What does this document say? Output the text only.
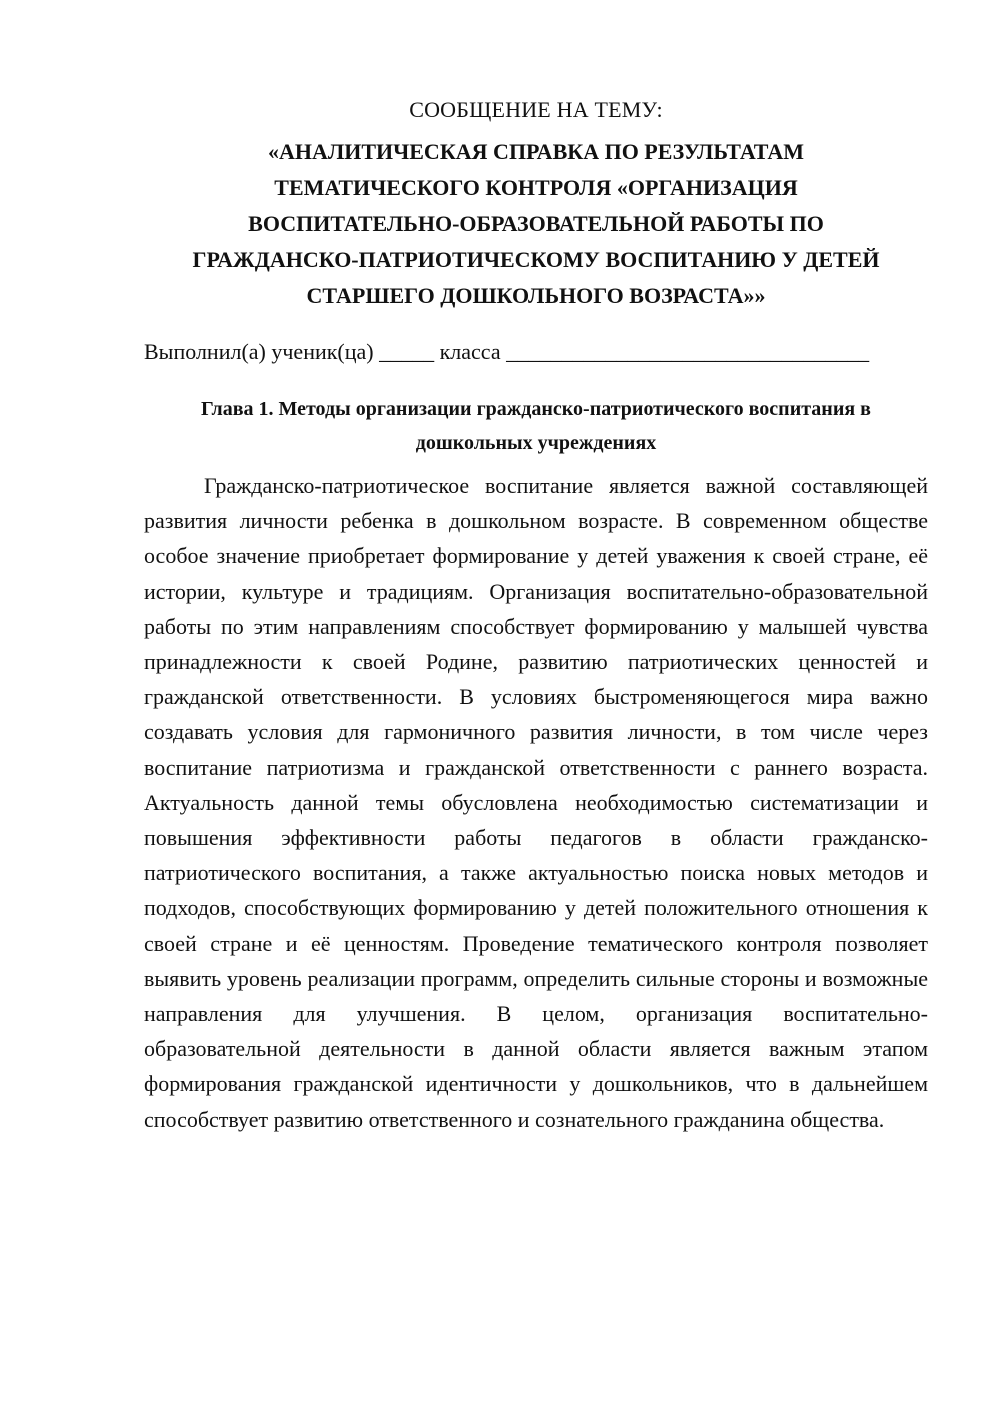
СООБЩЕНИЕ НА ТЕМУ:

«АНАЛИТИЧЕСКАЯ СПРАВКА ПО РЕЗУЛЬТАТАМ
ТЕМАТИЧЕСКОГО КОНТРОЛЯ «ОРГАНИЗАЦИЯ
ВОСПИТАТЕЛЬНО-ОБРАЗОВАТЕЛЬНОЙ РАБОТЫ ПО
ГРАЖДАНСКО-ПАТРИОТИЧЕСКОМУ ВОСПИТАНИЮ У ДЕТЕЙ
СТАРШЕГО ДОШКОЛЬНОГО ВОЗРАСТА»»

Выполнил(а) ученик(ца) _____ класса _________________________________

Глава 1. Методы организации гражданско-патриотического воспитания в
дошкольных учреждениях

Гражданско-патриотическое воспитание является важной составляющей развития личности ребенка в дошкольном возрасте. В современном обществе особое значение приобретает формирование у детей уважения к своей стране, её истории, культуре и традициям. Организация воспитательно-образовательной работы по этим направлениям способствует формированию у малышей чувства принадлежности к своей Родине, развитию патриотических ценностей и гражданской ответственности. В условиях быстроменяющегося мира важно создавать условия для гармоничного развития личности, в том числе через воспитание патриотизма и гражданской ответственности с раннего возраста. Актуальность данной темы обусловлена необходимостью систематизации и повышения эффективности работы педагогов в области гражданско-патриотического воспитания, а также актуальностью поиска новых методов и подходов, способствующих формированию у детей положительного отношения к своей стране и её ценностям. Проведение тематического контроля позволяет выявить уровень реализации программ, определить сильные стороны и возможные направления для улучшения. В целом, организация воспитательно-образовательной деятельности в данной области является важным этапом формирования гражданской идентичности у дошкольников, что в дальнейшем способствует развитию ответственного и сознательного гражданина общества.
